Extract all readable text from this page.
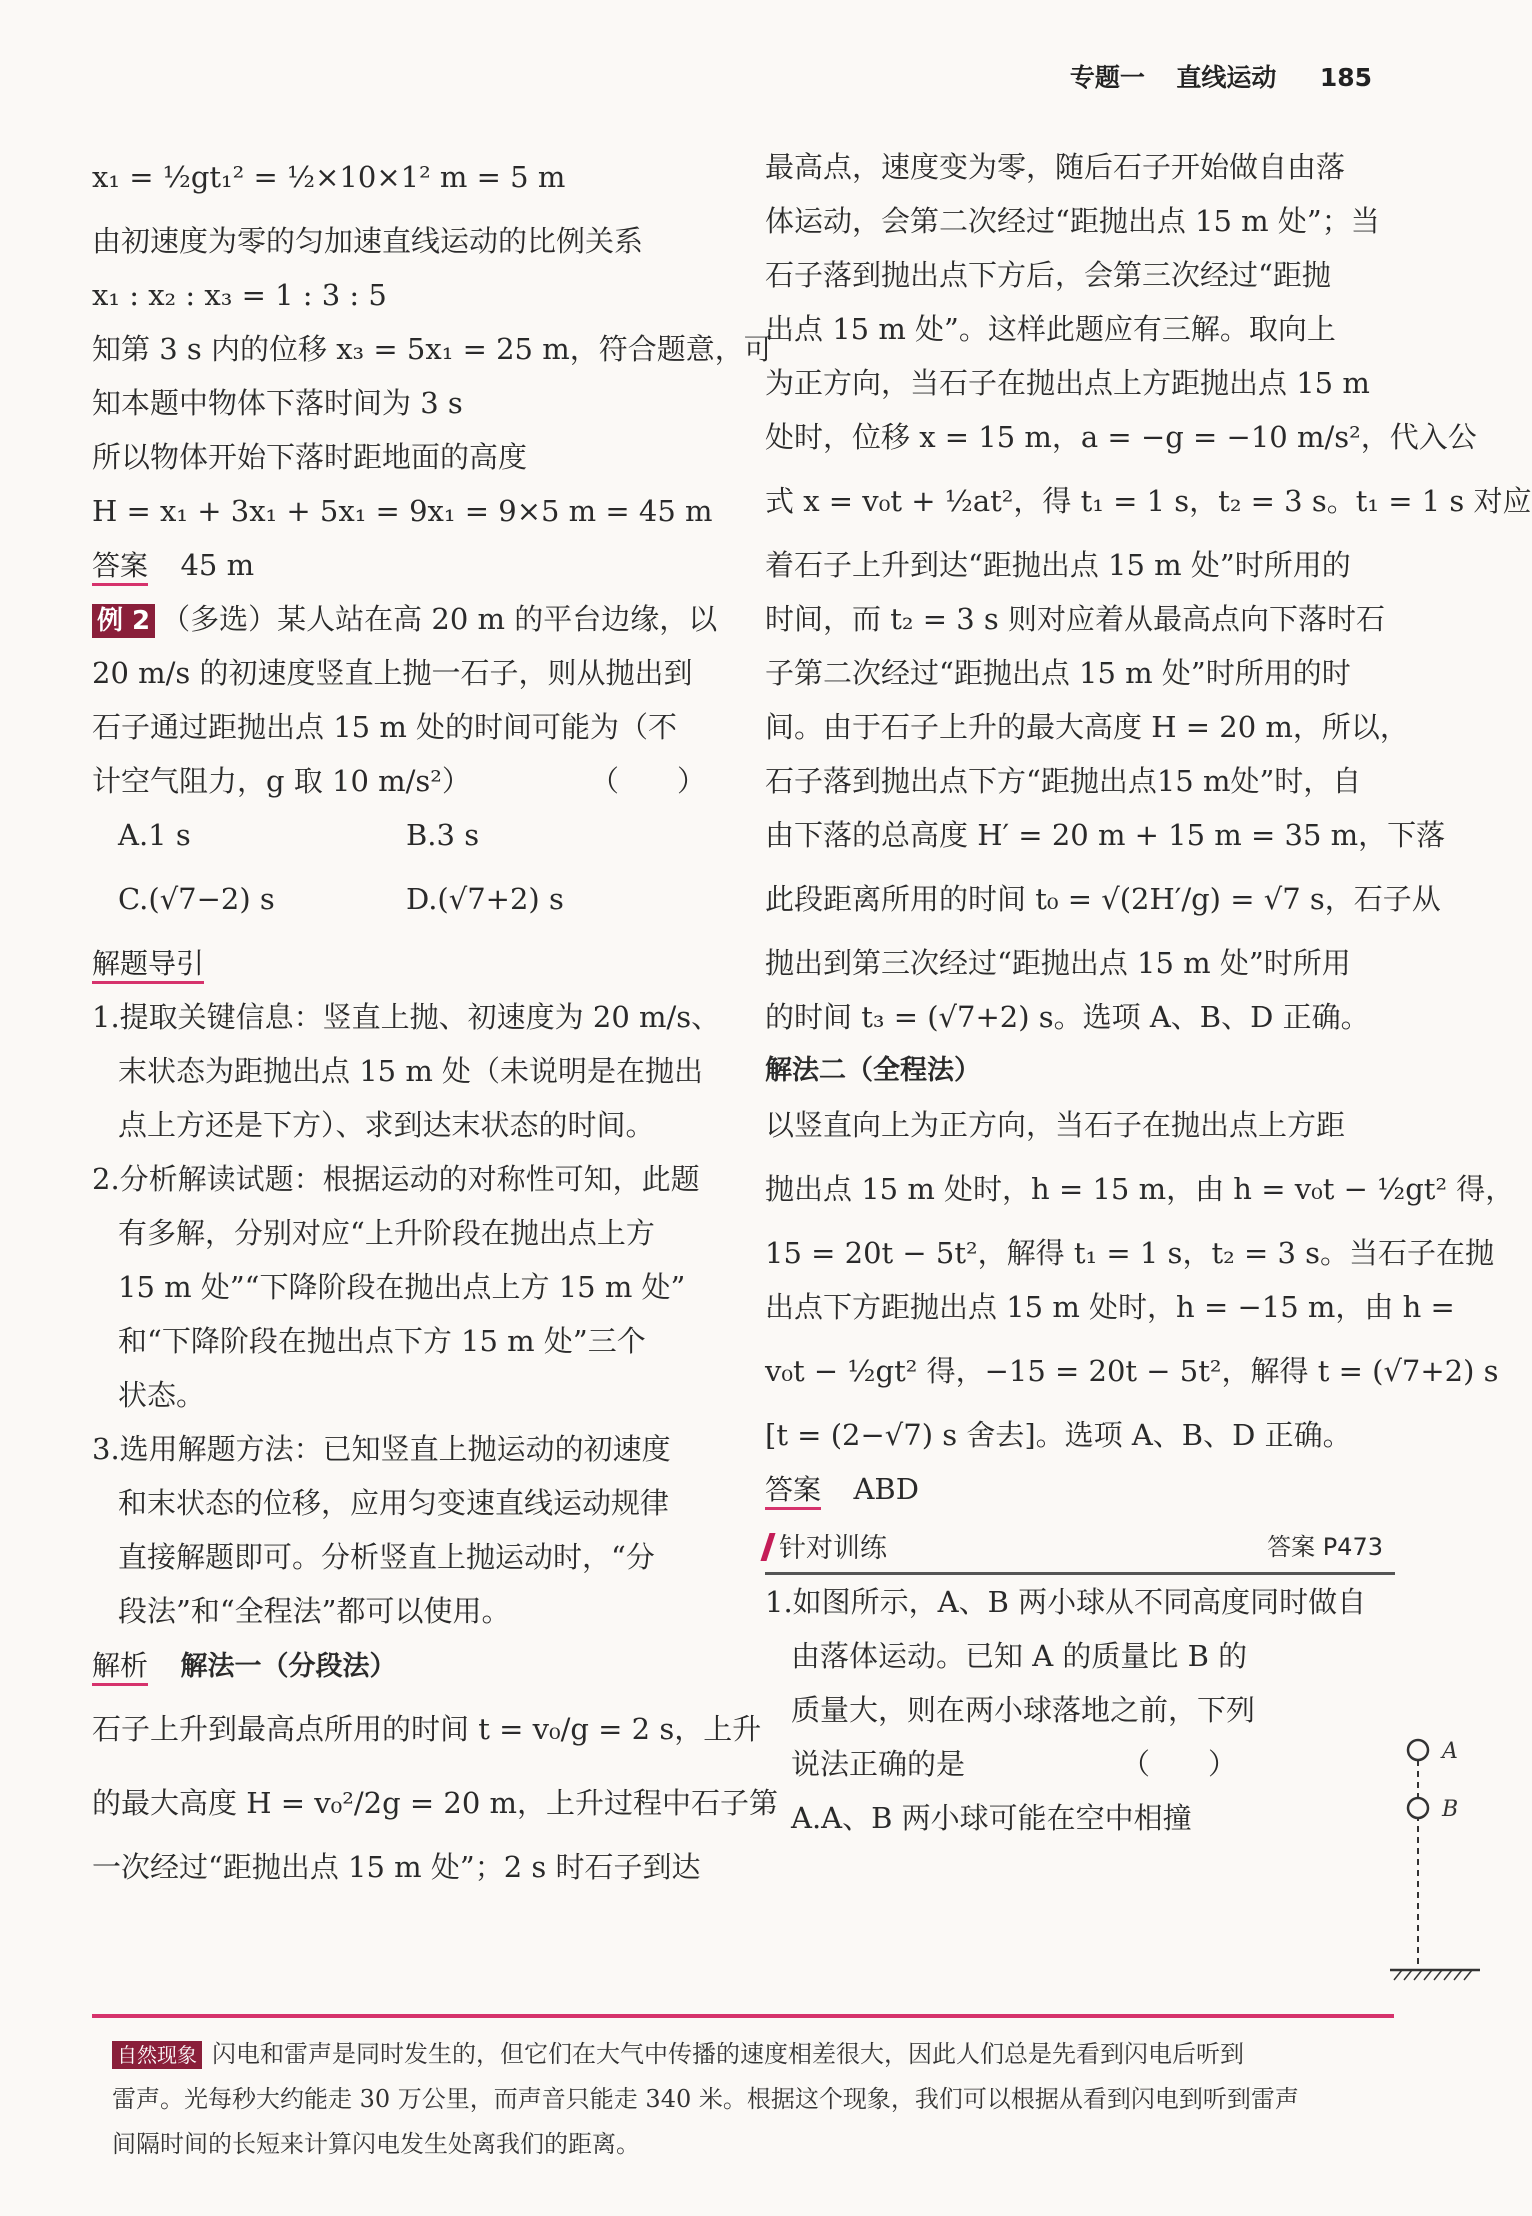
专题一 直线运动 185
x₁ = ½gt₁² = ½×10×1² m = 5 m
由初速度为零的匀加速直线运动的比例关系
x₁ : x₂ : x₃ = 1 : 3 : 5
知第 3 s 内的位移 x₃ = 5x₁ = 25 m，符合题意，可
知本题中物体下落时间为 3 s
所以物体开始下落时距地面的高度
H = x₁ + 3x₁ + 5x₁ = 9x₁ = 9×5 m = 45 m
答案 45 m
例 2 （多选）某人站在高 20 m 的平台边缘，以
20 m/s 的初速度竖直上抛一石子，则从抛出到
石子通过距抛出点 15 m 处的时间可能为（不
计空气阻力，g 取 10 m/s²）	（　　）
A.1 s	B.3 s
C.(√7−2) s	D.(√7+2) s
解题导引
1.提取关键信息：竖直上抛、初速度为 20 m/s、
末状态为距抛出点 15 m 处（未说明是在抛出
点上方还是下方）、求到达末状态的时间。
2.分析解读试题：根据运动的对称性可知，此题
有多解，分别对应“上升阶段在抛出点上方
15 m 处”“下降阶段在抛出点上方 15 m 处”
和“下降阶段在抛出点下方 15 m 处”三个
状态。
3.选用解题方法：已知竖直上抛运动的初速度
和末状态的位移，应用匀变速直线运动规律
直接解题即可。分析竖直上抛运动时，“分
段法”和“全程法”都可以使用。
解析 解法一（分段法）
石子上升到最高点所用的时间 t = v₀/g = 2 s，上升
的最大高度 H = v₀²/2g = 20 m，上升过程中石子第
一次经过“距抛出点 15 m 处”；2 s 时石子到达
最高点，速度变为零，随后石子开始做自由落
体运动，会第二次经过“距抛出点 15 m 处”；当
石子落到抛出点下方后，会第三次经过“距抛
出点 15 m 处”。这样此题应有三解。取向上
为正方向，当石子在抛出点上方距抛出点 15 m
处时，位移 x = 15 m，a = −g = −10 m/s²，代入公
式 x = v₀t + ½at²，得 t₁ = 1 s，t₂ = 3 s。t₁ = 1 s 对应
着石子上升到达“距抛出点 15 m 处”时所用的
时间，而 t₂ = 3 s 则对应着从最高点向下落时石
子第二次经过“距抛出点 15 m 处”时所用的时
间。由于石子上升的最大高度 H = 20 m，所以，
石子落到抛出点下方“距抛出点15 m处”时，自
由下落的总高度 H′ = 20 m + 15 m = 35 m，下落
此段距离所用的时间 t₀ = √(2H′/g) = √7 s，石子从
抛出到第三次经过“距抛出点 15 m 处”时所用
的时间 t₃ = (√7+2) s。选项 A、B、D 正确。
解法二（全程法）
以竖直向上为正方向，当石子在抛出点上方距
抛出点 15 m 处时，h = 15 m，由 h = v₀t − ½gt² 得，
15 = 20t − 5t²，解得 t₁ = 1 s，t₂ = 3 s。当石子在抛
出点下方距抛出点 15 m 处时，h = −15 m，由 h =
v₀t − ½gt² 得，−15 = 20t − 5t²，解得 t = (√7+2) s
[t = (2−√7) s 舍去]。选项 A、B、D 正确。
答案 ABD
针对训练	答案 P473
1.如图所示，A、B 两小球从不同高度同时做自
由落体运动。已知 A 的质量比 B 的
质量大，则在两小球落地之前，下列
说法正确的是	（　　）
A.A、B 两小球可能在空中相撞
A
B
自然现象 闪电和雷声是同时发生的，但它们在大气中传播的速度相差很大，因此人们总是先看到闪电后听到
雷声。光每秒大约能走 30 万公里，而声音只能走 340 米。根据这个现象，我们可以根据从看到闪电到听到雷声
间隔时间的长短来计算闪电发生处离我们的距离。
